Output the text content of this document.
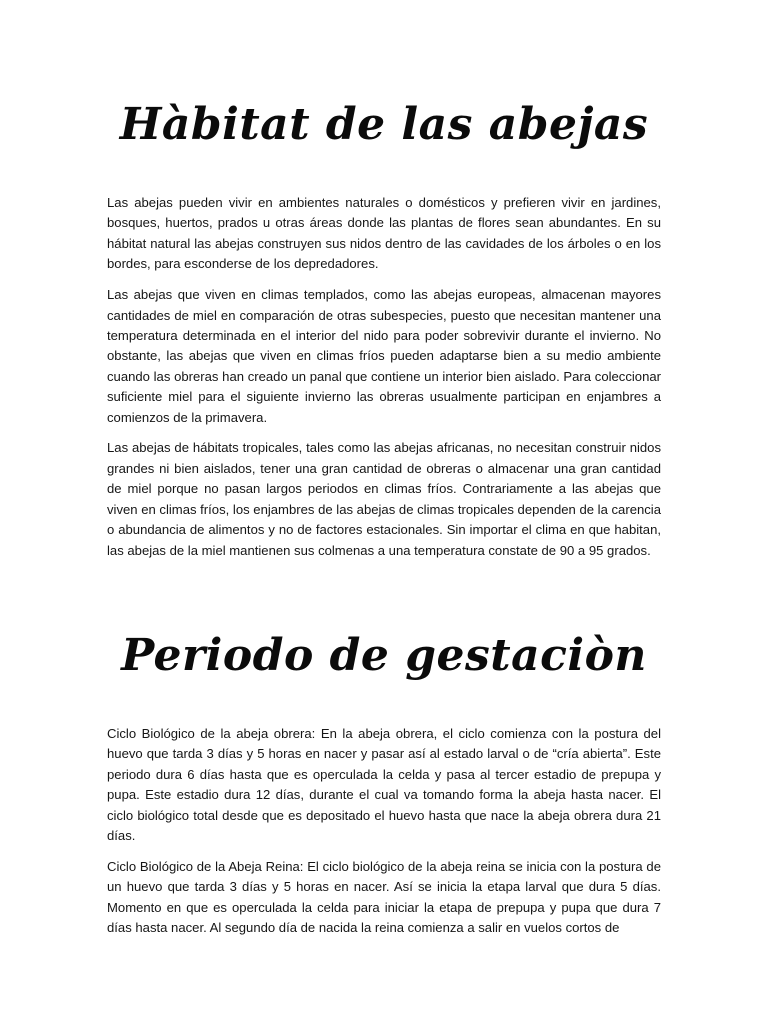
Hàbitat de las abejas

Las abejas pueden vivir en ambientes naturales o domésticos y prefieren vivir en jardines, bosques, huertos, prados u otras áreas donde las plantas de flores sean abundantes. En su hábitat natural las abejas construyen sus nidos dentro de las cavidades de los árboles o en los bordes, para esconderse de los depredadores.

Las abejas que viven en climas templados, como las abejas europeas, almacenan mayores cantidades de miel en comparación de otras subespecies, puesto que necesitan mantener una temperatura determinada en el interior del nido para poder sobrevivir durante el invierno. No obstante, las abejas que viven en climas fríos pueden adaptarse bien a su medio ambiente cuando las obreras han creado un panal que contiene un interior bien aislado. Para coleccionar suficiente miel para el siguiente invierno las obreras usualmente participan en enjambres a comienzos de la primavera.

Las abejas de hábitats tropicales, tales como las abejas africanas, no necesitan construir nidos grandes ni bien aislados, tener una gran cantidad de obreras o almacenar una gran cantidad de miel porque no pasan largos periodos en climas fríos. Contrariamente a las abejas que viven en climas fríos, los enjambres de las abejas de climas tropicales dependen de la carencia o abundancia de alimentos y no de factores estacionales. Sin importar el clima en que habitan, las abejas de la miel mantienen sus colmenas a una temperatura constate de 90 a 95 grados.

Periodo de gestaciòn

Ciclo Biológico de la abeja obrera: En la abeja obrera, el ciclo comienza con la postura del huevo que tarda 3 días y 5 horas en nacer y pasar así al estado larval o de “cría abierta”. Este periodo dura 6 días hasta que es operculada la celda y pasa al tercer estadio de prepupa y pupa. Este estadio dura 12 días, durante el cual va tomando forma la abeja hasta nacer. El ciclo biológico total desde que es depositado el huevo hasta que nace la abeja obrera dura 21 días.

Ciclo Biológico de la Abeja Reina: El ciclo biológico de la abeja reina se inicia con la postura de un huevo que tarda 3 días y 5 horas en nacer. Así se inicia la etapa larval que dura 5 días. Momento en que es operculada la celda para iniciar la etapa de prepupa y pupa que dura 7 días hasta nacer. Al segundo día de nacida la reina comienza a salir en vuelos cortos de
